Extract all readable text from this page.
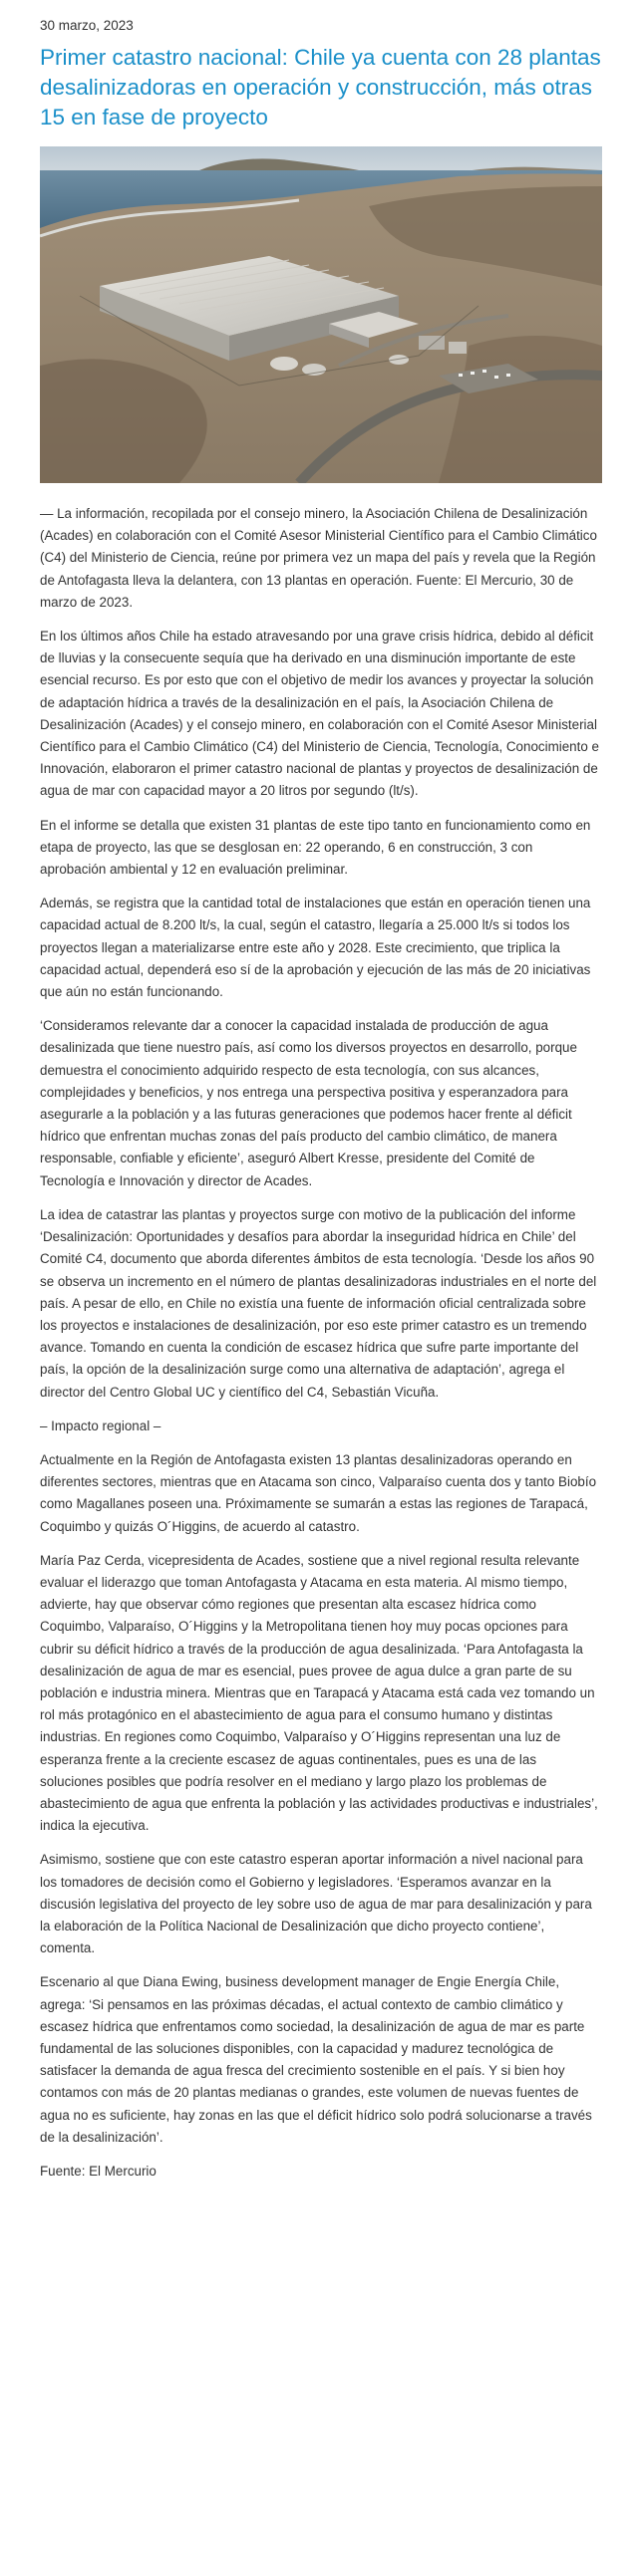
30 marzo, 2023
Primer catastro nacional: Chile ya cuenta con 28 plantas desalinizadoras en operación y construcción, más otras 15 en fase de proyecto

— La información, recopilada por el consejo minero, la Asociación Chilena de Desalinización (Acades) en colaboración con el Comité Asesor Ministerial Científico para el Cambio Climático (C4) del Ministerio de Ciencia, reúne por primera vez un mapa del país y revela que la Región de Antofagasta lleva la delantera, con 13 plantas en operación. Fuente: El Mercurio, 30 de marzo de 2023.

En los últimos años Chile ha estado atravesando por una grave crisis hídrica, debido al déficit de lluvias y la consecuente sequía que ha derivado en una disminución importante de este esencial recurso. Es por esto que con el objetivo de medir los avances y proyectar la solución de adaptación hídrica a través de la desalinización en el país, la Asociación Chilena de Desalinización (Acades) y el consejo minero, en colaboración con el Comité Asesor Ministerial Científico para el Cambio Climático (C4) del Ministerio de Ciencia, Tecnología, Conocimiento e Innovación, elaboraron el primer catastro nacional de plantas y proyectos de desalinización de agua de mar con capacidad mayor a 20 litros por segundo (lt/s).

En el informe se detalla que existen 31 plantas de este tipo tanto en funcionamiento como en etapa de proyecto, las que se desglosan en: 22 operando, 6 en construcción, 3 con aprobación ambiental y 12 en evaluación preliminar.

Además, se registra que la cantidad total de instalaciones que están en operación tienen una capacidad actual de 8.200 lt/s, la cual, según el catastro, llegaría a 25.000 lt/s si todos los proyectos llegan a materializarse entre este año y 2028. Este crecimiento, que triplica la capacidad actual, dependerá eso sí de la aprobación y ejecución de las más de 20 iniciativas que aún no están funcionando.

‘Consideramos relevante dar a conocer la capacidad instalada de producción de agua desalinizada que tiene nuestro país, así como los diversos proyectos en desarrollo, porque demuestra el conocimiento adquirido respecto de esta tecnología, con sus alcances, complejidades y beneficios, y nos entrega una perspectiva positiva y esperanzadora para asegurarle a la población y a las futuras generaciones que podemos hacer frente al déficit hídrico que enfrentan muchas zonas del país producto del cambio climático, de manera responsable, confiable y eficiente’, aseguró Albert Kresse, presidente del Comité de Tecnología e Innovación y director de Acades.

La idea de catastrar las plantas y proyectos surge con motivo de la publicación del informe ‘Desalinización: Oportunidades y desafíos para abordar la inseguridad hídrica en Chile’ del Comité C4, documento que aborda diferentes ámbitos de esta tecnología. ‘Desde los años 90 se observa un incremento en el número de plantas desalinizadoras industriales en el norte del país. A pesar de ello, en Chile no existía una fuente de información oficial centralizada sobre los proyectos e instalaciones de desalinización, por eso este primer catastro es un tremendo avance. Tomando en cuenta la condición de escasez hídrica que sufre parte importante del país, la opción de la desalinización surge como una alternativa de adaptación’, agrega el director del Centro Global UC y científico del C4, Sebastián Vicuña.

– Impacto regional –

Actualmente en la Región de Antofagasta existen 13 plantas desalinizadoras operando en diferentes sectores, mientras que en Atacama son cinco, Valparaíso cuenta dos y tanto Biobío como Magallanes poseen una. Próximamente se sumarán a estas las regiones de Tarapacá, Coquimbo y quizás O´Higgins, de acuerdo al catastro.

María Paz Cerda, vicepresidenta de Acades, sostiene que a nivel regional resulta relevante evaluar el liderazgo que toman Antofagasta y Atacama en esta materia. Al mismo tiempo, advierte, hay que observar cómo regiones que presentan alta escasez hídrica como Coquimbo, Valparaíso, O´Higgins y la Metropolitana tienen hoy muy pocas opciones para cubrir su déficit hídrico a través de la producción de agua desalinizada. ‘Para Antofagasta la desalinización de agua de mar es esencial, pues provee de agua dulce a gran parte de su población e industria minera. Mientras que en Tarapacá y Atacama está cada vez tomando un rol más protagónico en el abastecimiento de agua para el consumo humano y distintas industrias. En regiones como Coquimbo, Valparaíso y O´Higgins representan una luz de esperanza frente a la creciente escasez de aguas continentales, pues es una de las soluciones posibles que podría resolver en el mediano y largo plazo los problemas de abastecimiento de agua que enfrenta la población y las actividades productivas e industriales’, indica la ejecutiva.

Asimismo, sostiene que con este catastro esperan aportar información a nivel nacional para los tomadores de decisión como el Gobierno y legisladores. ‘Esperamos avanzar en la discusión legislativa del proyecto de ley sobre uso de agua de mar para desalinización y para la elaboración de la Política Nacional de Desalinización que dicho proyecto contiene’, comenta.

Escenario al que Diana Ewing, business development manager de Engie Energía Chile, agrega: ‘Si pensamos en las próximas décadas, el actual contexto de cambio climático y escasez hídrica que enfrentamos como sociedad, la desalinización de agua de mar es parte fundamental de las soluciones disponibles, con la capacidad y madurez tecnológica de satisfacer la demanda de agua fresca del crecimiento sostenible en el país. Y si bien hoy contamos con más de 20 plantas medianas o grandes, este volumen de nuevas fuentes de agua no es suficiente, hay zonas en las que el déficit hídrico solo podrá solucionarse a través de la desalinización’.

Fuente: El Mercurio
